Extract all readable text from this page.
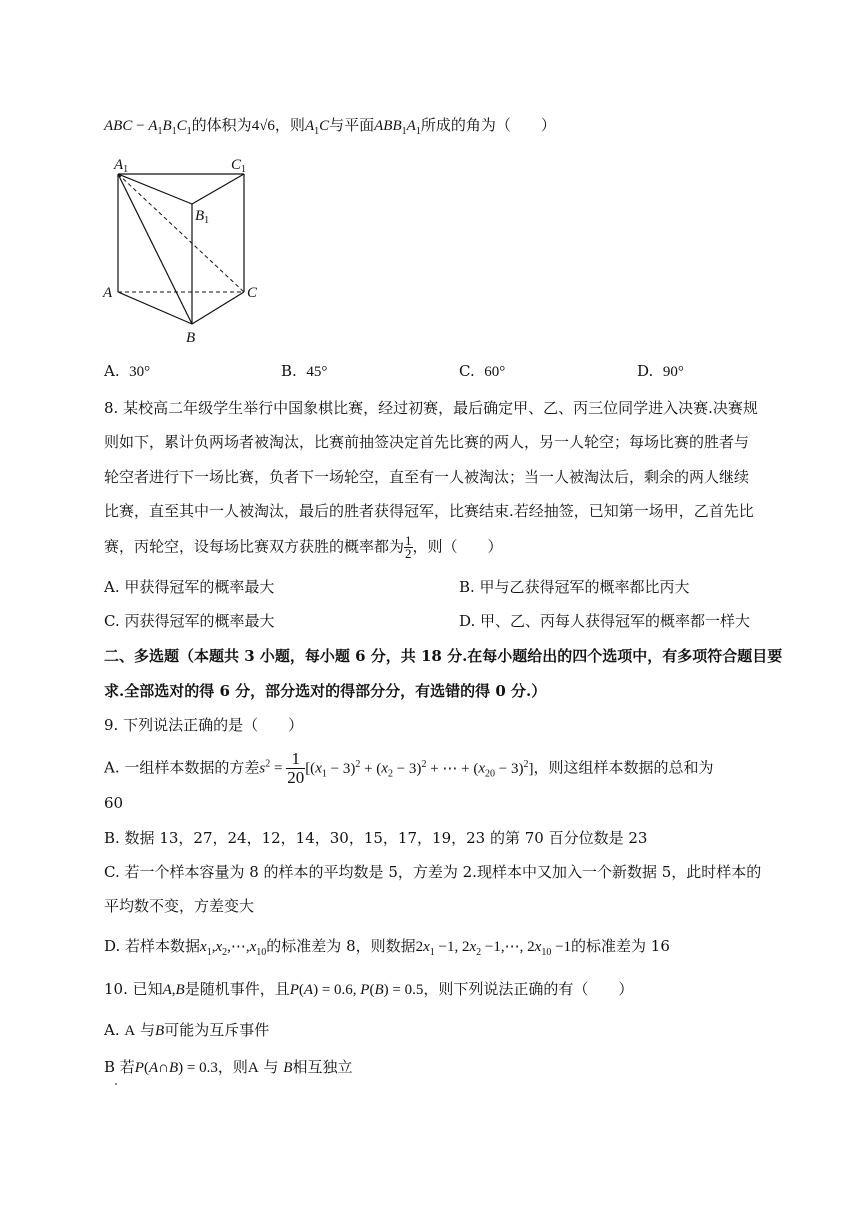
ABC − $A_1B_1C_1$的体积为4√6，则$A_1C$与平面$ABB_1A_1$所成的角为（　　）
$A_1$	$C_1$
$B_1$
A	C
B
A. 30°	B. 45°	C. 60°	D. 90°
8. 某校高二年级学生举行中国象棋比赛，经过初赛，最后确定甲、乙、丙三位同学进入决赛.决赛规
则如下，累计负两场者被淘汰，比赛前抽签决定首先比赛的两人，另一人轮空；每场比赛的胜者与
轮空者进行下一场比赛，负者下一场轮空，直至有一人被淘汰；当一人被淘汰后，剩余的两人继续
比赛，直至其中一人被淘汰，最后的胜者获得冠军，比赛结束.若经抽签，已知第一场甲，乙首先比
赛，丙轮空，设每场比赛双方获胜的概率都为 $\frac{1}{2}$ ，则（　　）
A. 甲获得冠军的概率最大	B. 甲与乙获得冠军的概率都比丙大
C. 丙获得冠军的概率最大	D. 甲、乙、丙每人获得冠军的概率都一样大
二、多选题（本题共 3 小题，每小题 6 分，共 18 分.在每小题给出的四个选项中，有多项符合题目要
求.全部选对的得 6 分，部分选对的得部分分，有选错的得 0 分.）
9. 下列说法正确的是（　　）
A. 一组样本数据的方差$s^2 = \frac{1}{20} [(x_1 - 3)^2 + (x_2 - 3)^2$ + ⋯ + $(x_{20} - 3)^2$]，则这组样本数据的总和为
60
B. 数据 13，27，24，12，14，30，15，17，19，23 的第 70 百分位数是 23
C. 若一个样本容量为 8 的样本的平均数是 5，方差为 2.现样本中又加入一个新数据 5，此时样本的
平均数不变，方差变大
D. 若样本数据$x_1,x_2,\cdots,x_{10}$的标准差为 8，则数据$2x_1 -1$, $2x_2$ −1,⋯, $2x_{10} -1$的标准差为 16
10. 已知A,B是随机事件，且P(A) = 0.6, P(B) = 0.5，则下列说法正确的有（　　）
A. A 与B可能为互斥事件
B 若P(A∩B) = 0.3，则A 与 B相互独立
